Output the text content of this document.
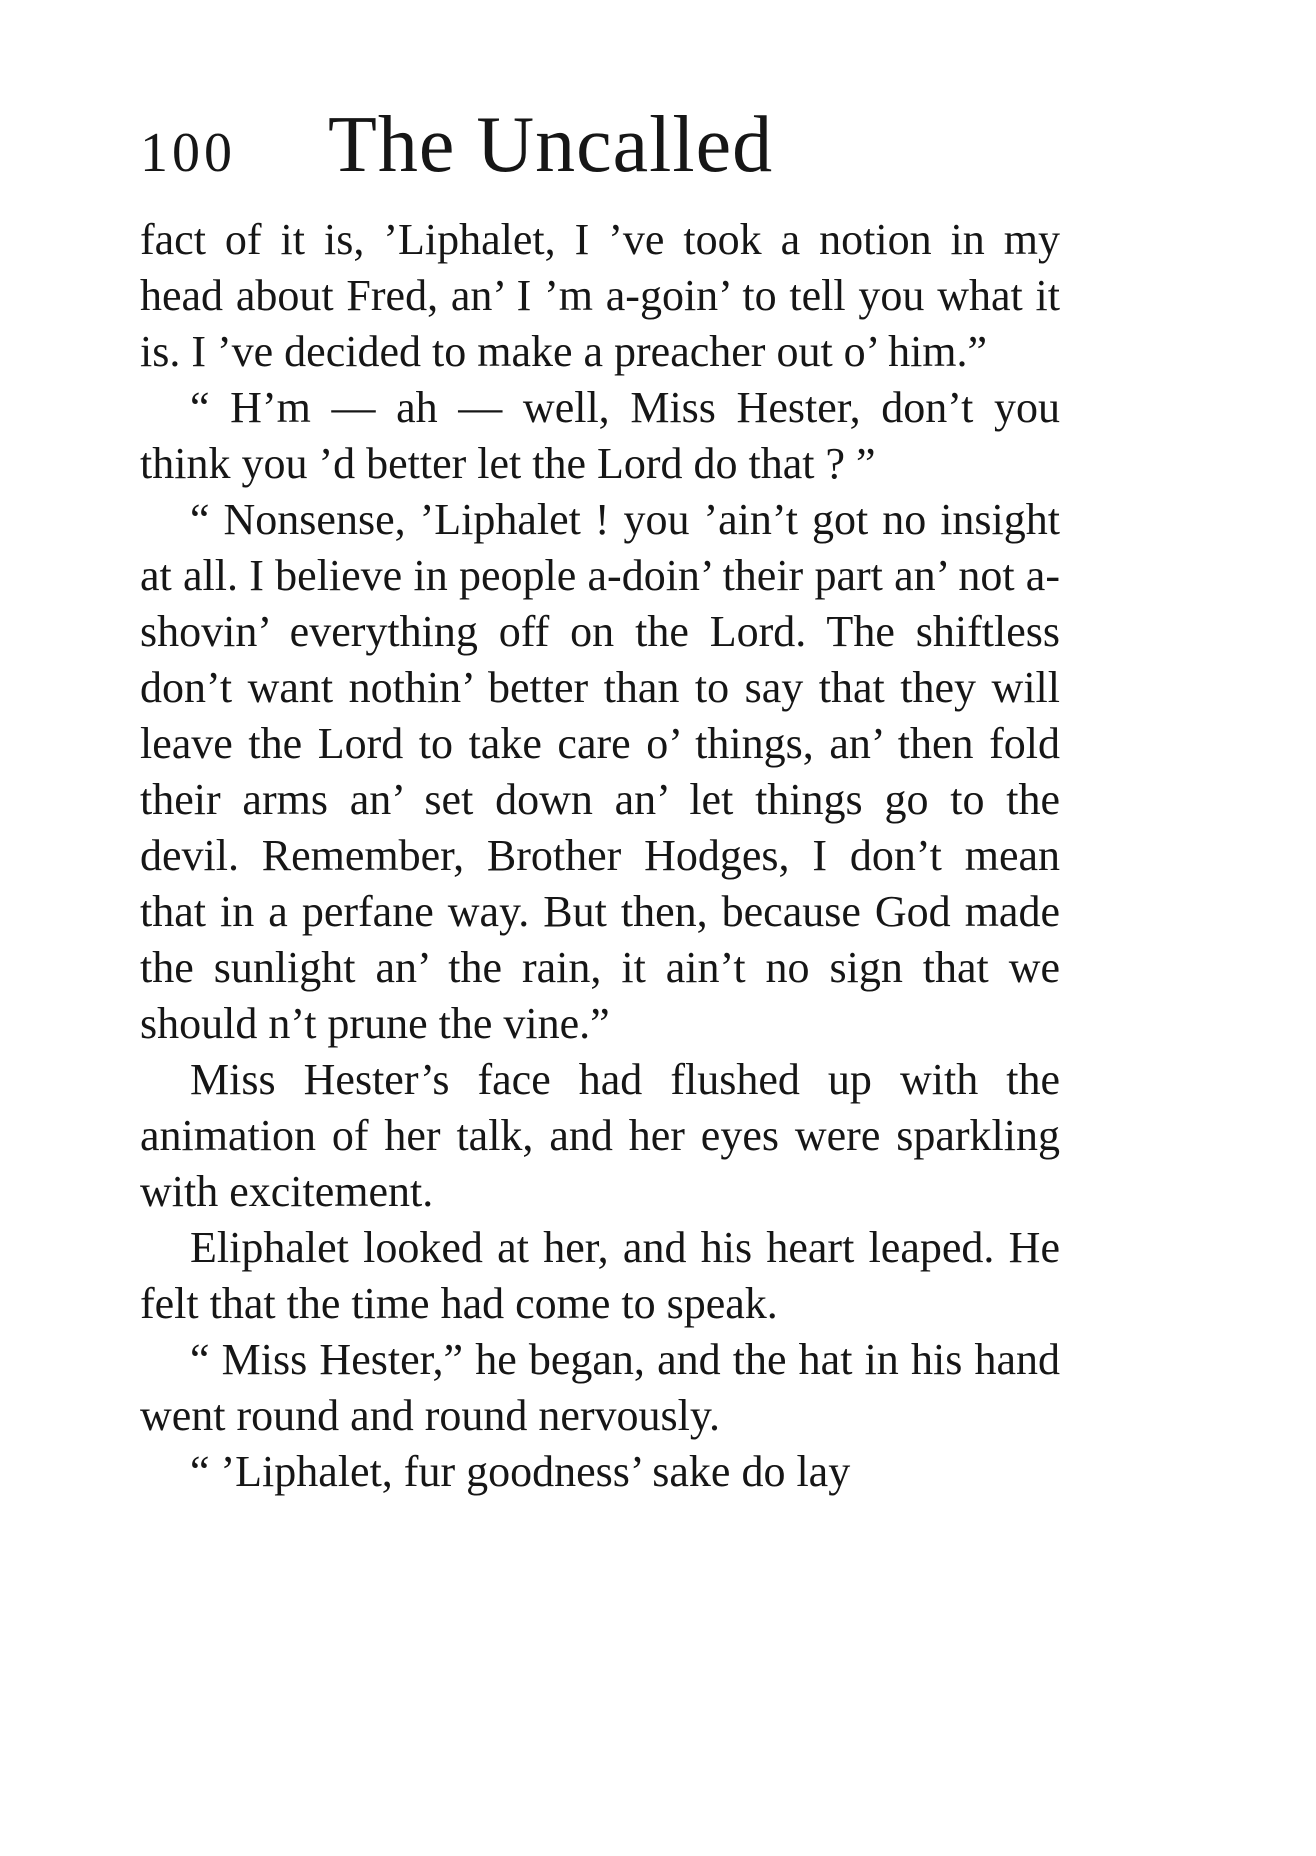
100 The Uncalled

fact of it is, ’Liphalet, I ’ve took a notion in my head about Fred, an’ I ’m a-goin’ to tell you what it is. I ’ve decided to make a preacher out o’ him.”

“ H’m — ah — well, Miss Hester, don’t you think you ’d better let the Lord do that ? ”

“ Nonsense, ’Liphalet ! you ’ain’t got no insight at all. I believe in people a-doin’ their part an’ not a-shovin’ everything off on the Lord. The shiftless don’t want nothin’ better than to say that they will leave the Lord to take care o’ things, an’ then fold their arms an’ set down an’ let things go to the devil. Remember, Brother Hodges, I don’t mean that in a perfane way. But then, because God made the sunlight an’ the rain, it ain’t no sign that we should n’t prune the vine.”

Miss Hester’s face had flushed up with the animation of her talk, and her eyes were sparkling with excitement.

Eliphalet looked at her, and his heart leaped. He felt that the time had come to speak.

“ Miss Hester,” he began, and the hat in his hand went round and round nervously.

“ ’Liphalet, fur goodness’ sake do lay
